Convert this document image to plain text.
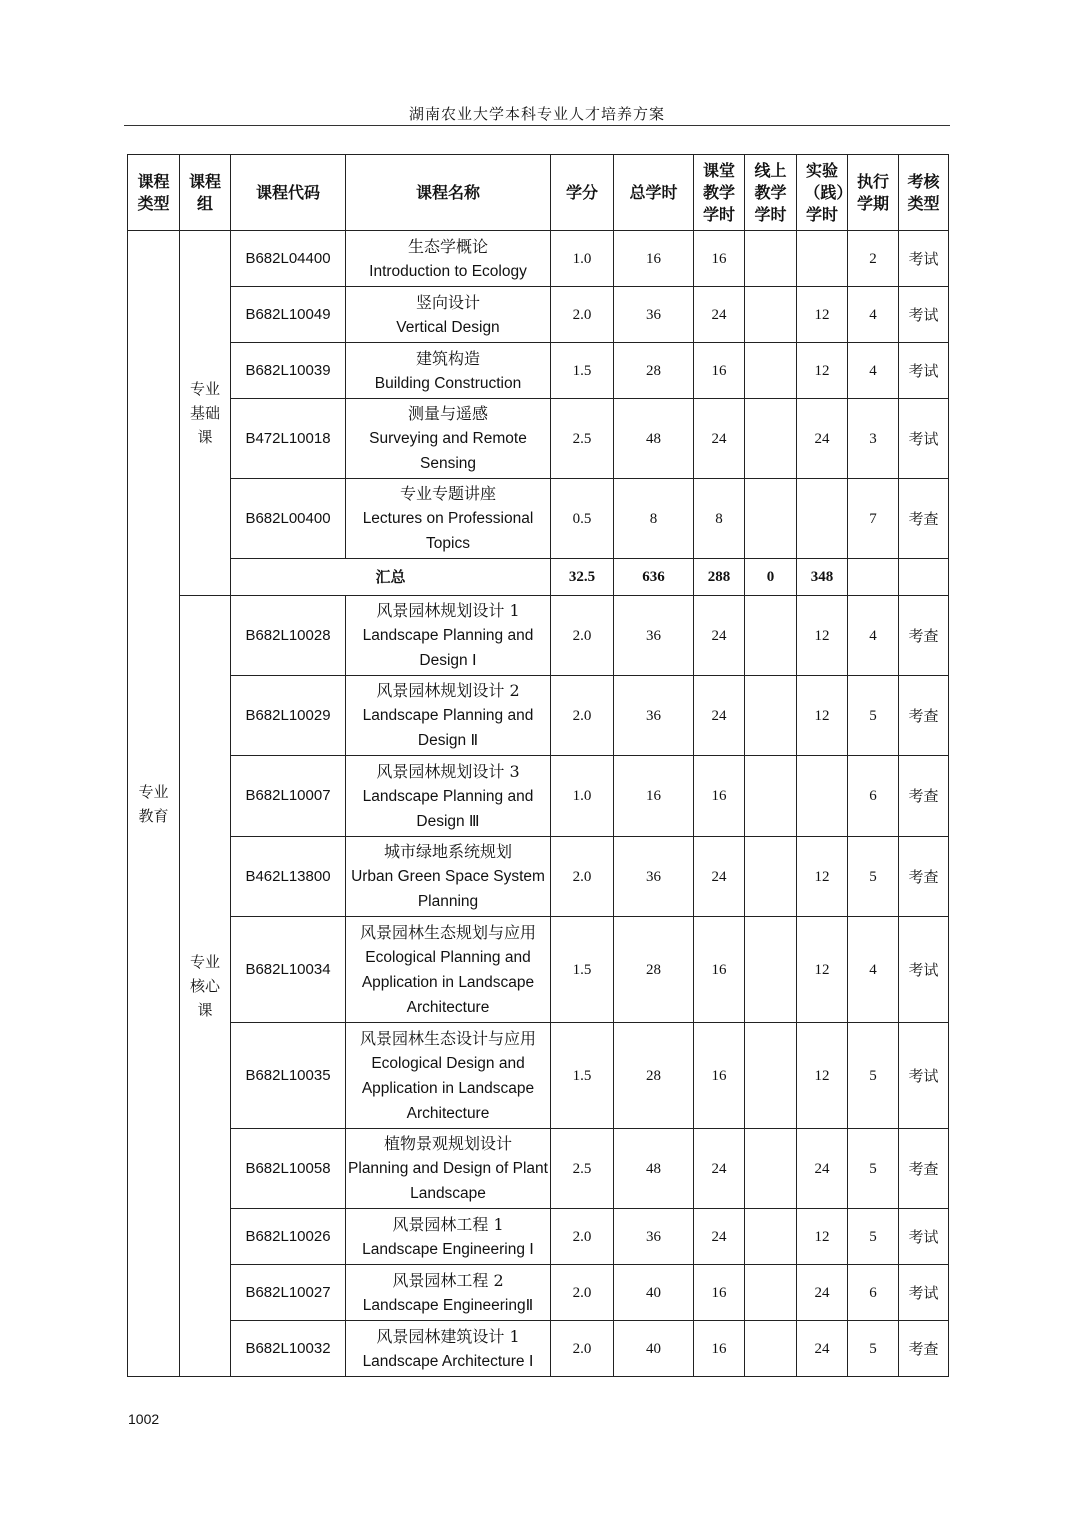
湖南农业大学本科专业人才培养方案
课程类型	课程组	课程代码	课程名称	学分	总学时	课堂教学学时	线上教学学时	实验（践）学时	执行学期	考核类型

专业教育	专业基础课	B682L04400	生态学概论
Introduction to Ecology	1.0	16	16			2	考试
		B682L10049	竖向设计
Vertical Design	2.0	36	24		12	4	考试
		B682L10039	建筑构造
Building Construction	1.5	28	16		12	4	考试
		B472L10018	测量与遥感
Surveying and Remote Sensing	2.5	48	24		24	3	考试
		B682L00400	专业专题讲座
Lectures on Professional Topics	0.5	8	8			7	考查
		汇总		32.5	636	288	0	348		

	专业核心课	B682L10028	风景园林规划设计 1
Landscape Planning and Design Ⅰ	2.0	36	24		12	4	考查
		B682L10029	风景园林规划设计 2
Landscape Planning and Design Ⅱ	2.0	36	24		12	5	考查
		B682L10007	风景园林规划设计 3
Landscape Planning and Design Ⅲ	1.0	16	16			6	考查
		B462L13800	城市绿地系统规划
Urban Green Space System Planning	2.0	36	24		12	5	考查
		B682L10034	风景园林生态规划与应用
Ecological Planning and Application in Landscape Architecture	1.5	28	16		12	4	考试
		B682L10035	风景园林生态设计与应用
Ecological Design and Application in Landscape Architecture	1.5	28	16		12	5	考试
		B682L10058	植物景观规划设计
Planning and Design of Plant Landscape	2.5	48	24		24	5	考查
		B682L10026	风景园林工程 1
Landscape Engineering Ⅰ	2.0	36	24		12	5	考试
		B682L10027	风景园林工程 2
Landscape EngineeringⅡ	2.0	40	16		24	6	考试
		B682L10032	风景园林建筑设计 1
Landscape Architecture Ⅰ	2.0	40	16		24	5	考查
1002
